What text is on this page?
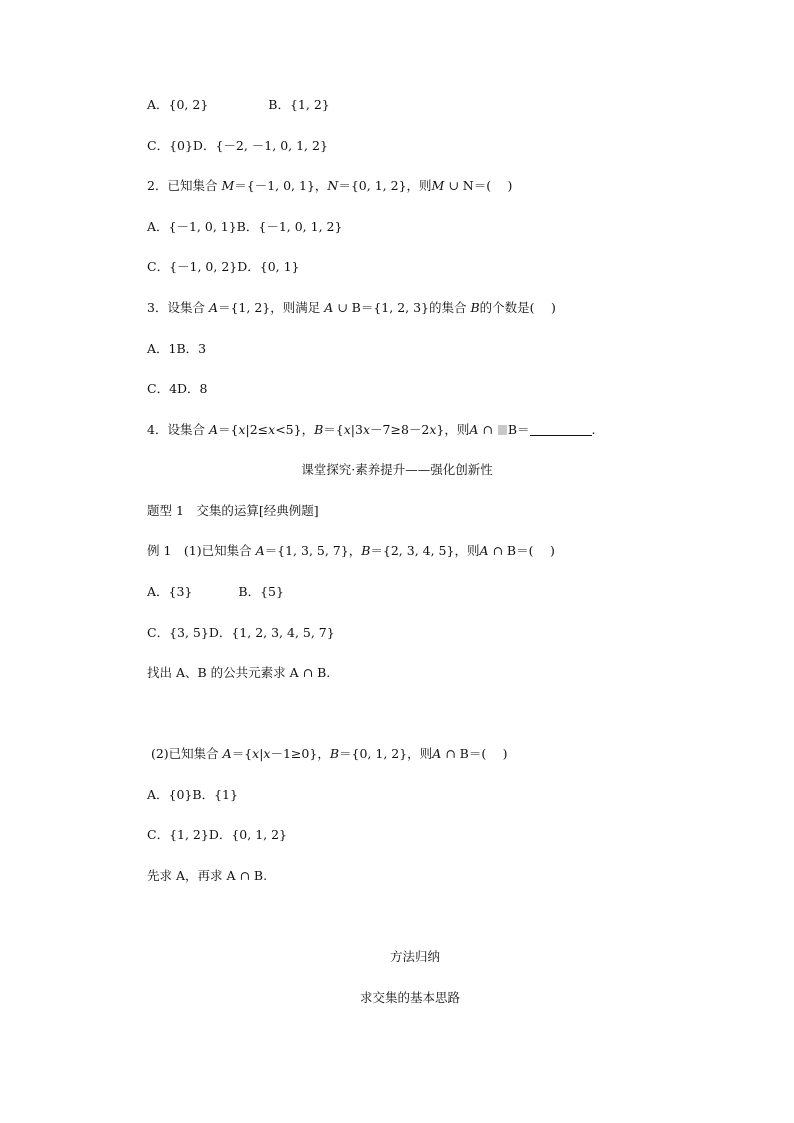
A．{0, 2}	B．{1, 2}
C．{0}D．{－2, －1, 0, 1, 2}
2．已知集合 M＝{－1, 0, 1}，N＝{0, 1, 2}，则M ∪ N＝(　 )
A．{－1, 0, 1}B．{－1, 0, 1, 2}
C．{－1, 0, 2}D．{0, 1}
3．设集合 A＝{1, 2}，则满足 A ∪ B＝{1, 2, 3}的集合 B的个数是(　 )
A．1B．3
C．4D．8
4．设集合 A＝{x|2≤x<5}，B＝{x|3x－7≥8－2x}，则A ∩ B＝	.
课堂探究·素养提升——强化创新性
题型 1　交集的运算[经典例题]
例 1　(1)已知集合 A＝{1, 3, 5, 7}，B＝{2, 3, 4, 5}，则A ∩ B＝(　 )
A．{3}	B．{5}
C．{3, 5}D．{1, 2, 3, 4, 5, 7}
找出 A、B 的公共元素求 A ∩ B.
(2)已知集合 A＝{x|x－1≥0}，B＝{0, 1, 2}，则A ∩ B＝(　 )
A．{0}B．{1}
C．{1, 2}D．{0, 1, 2}
先求 A，再求 A ∩ B.
方法归纳
求交集的基本思路
